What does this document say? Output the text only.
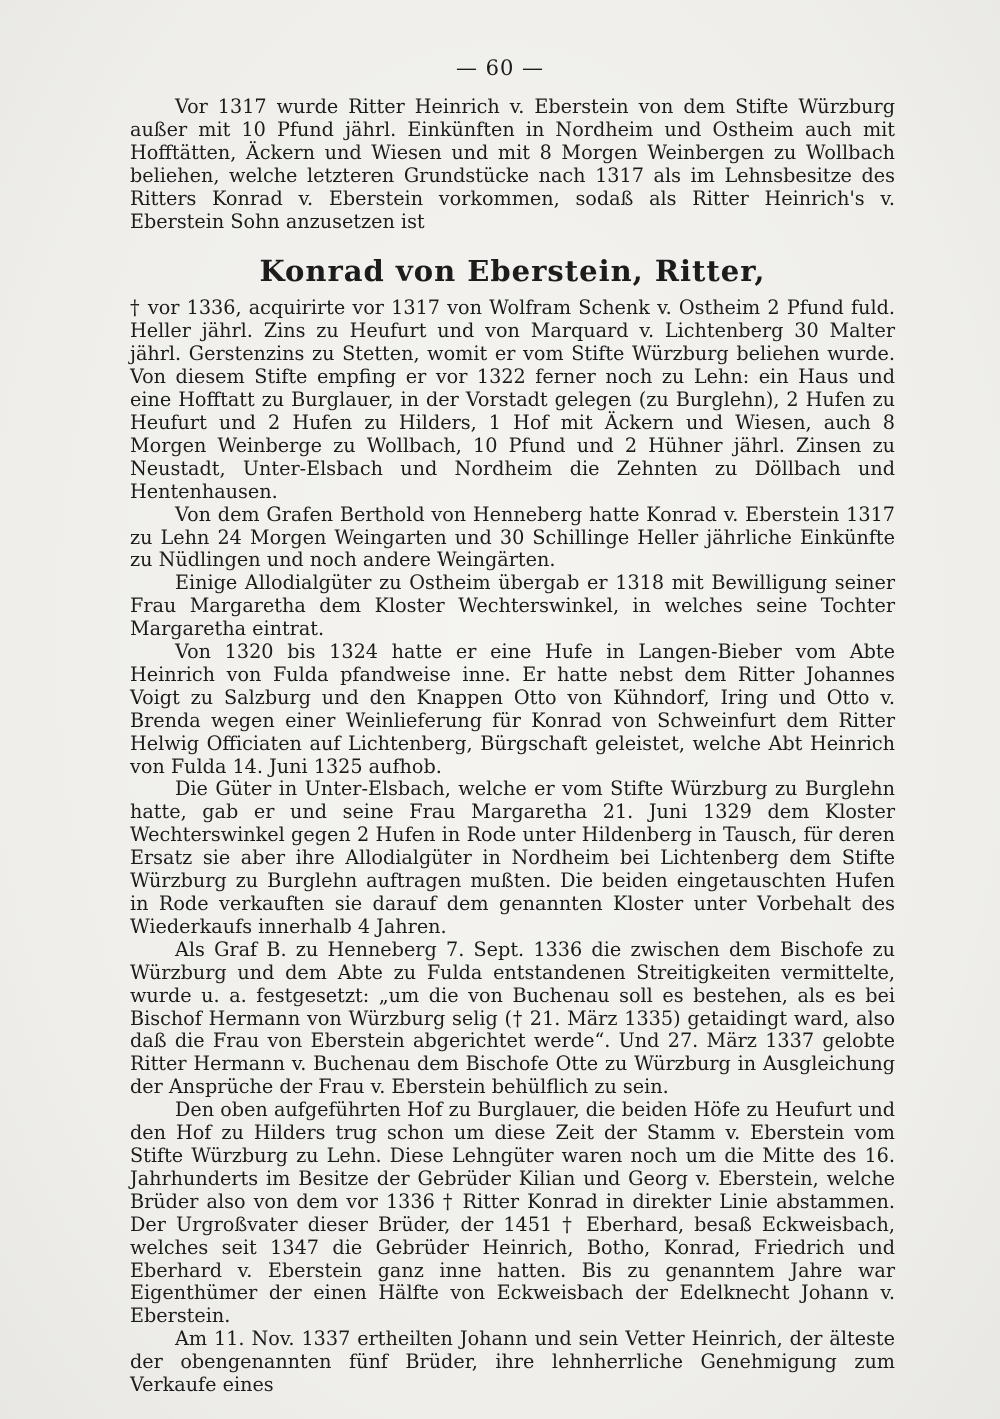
— 60 —

Vor 1317 wurde Ritter Heinrich v. Eberstein von dem Stifte Würzburg außer mit 10 Pfund jährl. Einkünften in Nordheim und Ostheim auch mit Hofftätten, Äckern und Wiesen und mit 8 Morgen Weinbergen zu Wollbach beliehen, welche letzteren Grundstücke nach 1317 als im Lehnsbesitze des Ritters Konrad v. Eberstein vorkommen, sodaß als Ritter Heinrich's v. Eberstein Sohn anzusetzen ist

Konrad von Eberstein, Ritter,

† vor 1336, acquirirte vor 1317 von Wolfram Schenk v. Ostheim 2 Pfund fuld. Heller jährl. Zins zu Heufurt und von Marquard v. Lichtenberg 30 Malter jährl. Gerstenzins zu Stetten, womit er vom Stifte Würzburg beliehen wurde. Von diesem Stifte empfing er vor 1322 ferner noch zu Lehn: ein Haus und eine Hofftatt zu Burglauer, in der Vorstadt gelegen (zu Burglehn), 2 Hufen zu Heufurt und 2 Hufen zu Hilders, 1 Hof mit Äckern und Wiesen, auch 8 Morgen Weinberge zu Wollbach, 10 Pfund und 2 Hühner jährl. Zinsen zu Neustadt, Unter-Elsbach und Nordheim die Zehnten zu Döllbach und Hentenhausen.

Von dem Grafen Berthold von Henneberg hatte Konrad v. Eberstein 1317 zu Lehn 24 Morgen Weingarten und 30 Schillinge Heller jährliche Einkünfte zu Nüdlingen und noch andere Weingärten.

Einige Allodialgüter zu Ostheim übergab er 1318 mit Bewilligung seiner Frau Margaretha dem Kloster Wechterswinkel, in welches seine Tochter Margaretha eintrat.

Von 1320 bis 1324 hatte er eine Hufe in Langen-Bieber vom Abte Heinrich von Fulda pfandweise inne. Er hatte nebst dem Ritter Johannes Voigt zu Salzburg und den Knappen Otto von Kühndorf, Iring und Otto v. Brenda wegen einer Weinlieferung für Konrad von Schweinfurt dem Ritter Helwig Officiaten auf Lichtenberg, Bürgschaft geleistet, welche Abt Heinrich von Fulda 14. Juni 1325 aufhob.

Die Güter in Unter-Elsbach, welche er vom Stifte Würzburg zu Burglehn hatte, gab er und seine Frau Margaretha 21. Juni 1329 dem Kloster Wechterswinkel gegen 2 Hufen in Rode unter Hildenberg in Tausch, für deren Ersatz sie aber ihre Allodialgüter in Nordheim bei Lichtenberg dem Stifte Würzburg zu Burglehn auftragen mußten. Die beiden eingetauschten Hufen in Rode verkauften sie darauf dem genannten Kloster unter Vorbehalt des Wiederkaufs innerhalb 4 Jahren.

Als Graf B. zu Henneberg 7. Sept. 1336 die zwischen dem Bischofe zu Würzburg und dem Abte zu Fulda entstandenen Streitigkeiten vermittelte, wurde u. a. festgesetzt: „um die von Buchenau soll es bestehen, als es bei Bischof Hermann von Würzburg selig († 21. März 1335) getaidingt ward, also daß die Frau von Eberstein abgerichtet werde“. Und 27. März 1337 gelobte Ritter Hermann v. Buchenau dem Bischofe Otte zu Würzburg in Ausgleichung der Ansprüche der Frau v. Eberstein behülflich zu sein.

Den oben aufgeführten Hof zu Burglauer, die beiden Höfe zu Heufurt und den Hof zu Hilders trug schon um diese Zeit der Stamm v. Eberstein vom Stifte Würzburg zu Lehn. Diese Lehngüter waren noch um die Mitte des 16. Jahrhunderts im Besitze der Gebrüder Kilian und Georg v. Eberstein, welche Brüder also von dem vor 1336 † Ritter Konrad in direkter Linie abstammen. Der Urgroßvater dieser Brüder, der 1451 † Eberhard, besaß Eckweisbach, welches seit 1347 die Gebrüder Heinrich, Botho, Konrad, Friedrich und Eberhard v. Eberstein ganz inne hatten. Bis zu genanntem Jahre war Eigenthümer der einen Hälfte von Eckweisbach der Edelknecht Johann v. Eberstein.

Am 11. Nov. 1337 ertheilten Johann und sein Vetter Heinrich, der älteste der obengenannten fünf Brüder, ihre lehnherrliche Genehmigung zum Verkaufe eines
